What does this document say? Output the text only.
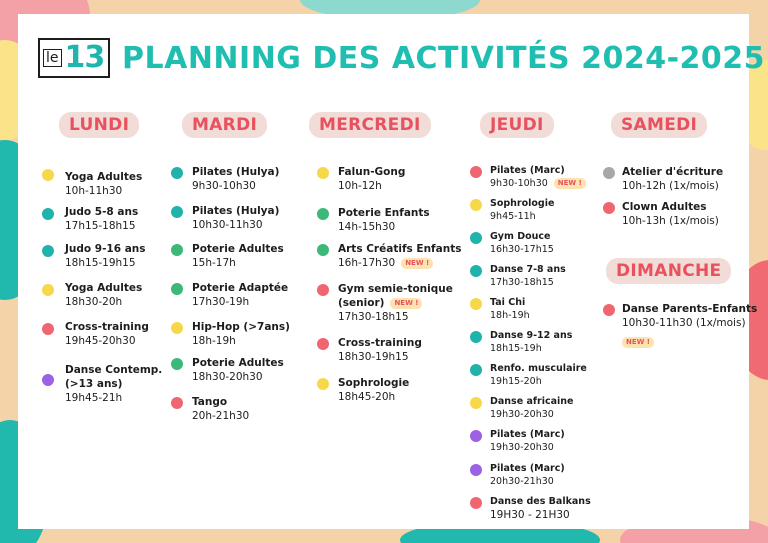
le 13 PLANNING DES ACTIVITÉS 2024-2025
LUNDI
Yoga Adultes
10h-11h30
Judo 5-8 ans
17h15-18h15
Judo 9-16 ans
18h15-19h15
Yoga Adultes
18h30-20h
Cross-training
19h45-20h30
Danse Contemp.
(>13 ans)
19h45-21h
MARDI
Pilates (Hulya)
9h30-10h30
Pilates (Hulya)
10h30-11h30
Poterie Adultes
15h-17h
Poterie Adaptée
17h30-19h
Hip-Hop (>7ans)
18h-19h
Poterie Adultes
18h30-20h30
Tango
20h-21h30
MERCREDI
Falun-Gong
10h-12h
Poterie Enfants
14h-15h30
Arts Créatifs Enfants
16h-17h30 NEW !
Gym semie-tonique
(senior) NEW !
17h30-18h15
Cross-training
18h30-19h15
Sophrologie
18h45-20h
JEUDI
Pilates (Marc)
9h30-10h30 NEW !
Sophrologie
9h45-11h
Gym Douce
16h30-17h15
Danse 7-8 ans
17h30-18h15
Tai Chi
18h-19h
Danse 9-12 ans
18h15-19h
Renfo. musculaire
19h15-20h
Danse africaine
19h30-20h30
Pilates (Marc)
19h30-20h30
Pilates (Marc)
20h30-21h30
Danse des Balkans
19H30 - 21H30
SAMEDI
Atelier d'écriture
10h-12h (1x/mois)
Clown Adultes
10h-13h (1x/mois)
DIMANCHE
Danse Parents-Enfants
10h30-11h30 (1x/mois)
NEW !
